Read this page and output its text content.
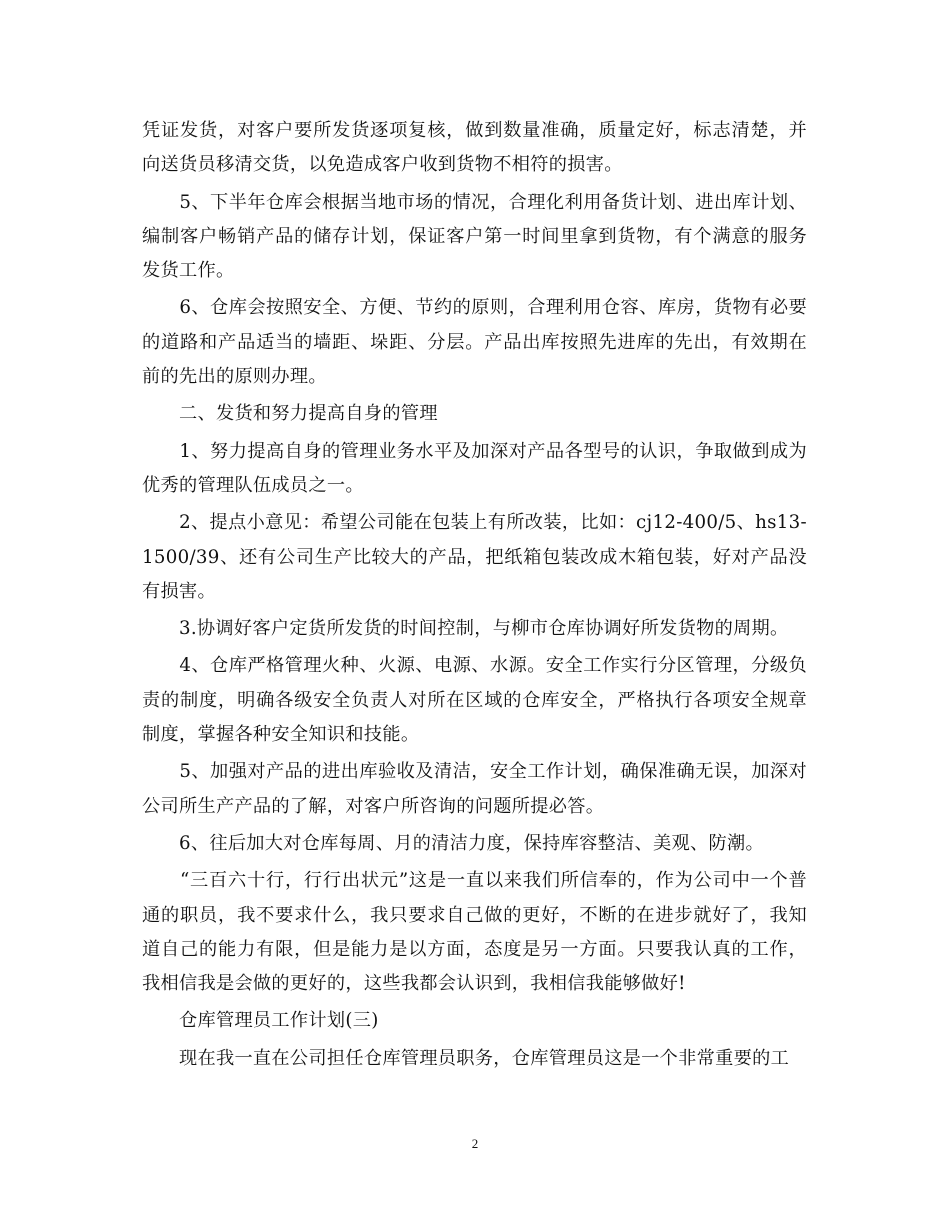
凭证发货，对客户要所发货逐项复核，做到数量准确，质量定好，标志清楚，并向送货员移清交货，以免造成客户收到货物不相符的损害。

　　5、下半年仓库会根据当地市场的情况，合理化利用备货计划、进出库计划、编制客户畅销产品的储存计划，保证客户第一时间里拿到货物，有个满意的服务发货工作。

　　6、仓库会按照安全、方便、节约的原则，合理利用仓容、库房，货物有必要的道路和产品适当的墙距、垛距、分层。产品出库按照先进库的先出，有效期在前的先出的原则办理。

　　二、发货和努力提高自身的管理

　　1、努力提高自身的管理业务水平及加深对产品各型号的认识，争取做到成为优秀的管理队伍成员之一。

　　2、提点小意见：希望公司能在包装上有所改装，比如：cj12-400/5、hs13-1500/39、还有公司生产比较大的产品，把纸箱包装改成木箱包装，好对产品没有损害。

　　3.协调好客户定货所发货的时间控制，与柳市仓库协调好所发货物的周期。

　　4、仓库严格管理火种、火源、电源、水源。安全工作实行分区管理，分级负责的制度，明确各级安全负责人对所在区域的仓库安全，严格执行各项安全规章制度，掌握各种安全知识和技能。

　　5、加强对产品的进出库验收及清洁，安全工作计划，确保准确无误，加深对公司所生产产品的了解，对客户所咨询的问题所提必答。

　　6、往后加大对仓库每周、月的清洁力度，保持库容整洁、美观、防潮。

　　“三百六十行，行行出状元”这是一直以来我们所信奉的，作为公司中一个普通的职员，我不要求什么，我只要求自己做的更好，不断的在进步就好了，我知道自己的能力有限，但是能力是以方面，态度是另一方面。只要我认真的工作，我相信我是会做的更好的，这些我都会认识到，我相信我能够做好!

　　仓库管理员工作计划(三)

　　现在我一直在公司担任仓库管理员职务，仓库管理员这是一个非常重要的工

2
